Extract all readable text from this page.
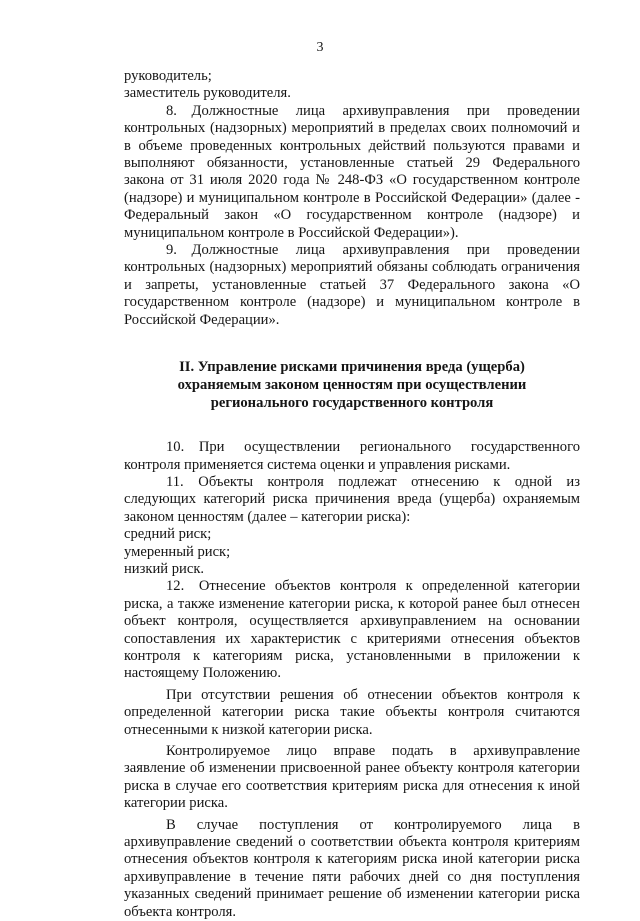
3

руководитель;

заместитель руководителя.

8. Должностные лица архивуправления при проведении контрольных (надзорных) мероприятий в пределах своих полномочий и в объеме проведенных контрольных действий пользуются правами и выполняют обязанности, установленные статьей 29 Федерального закона от 31 июля 2020 года № 248-ФЗ «О государственном контроле (надзоре) и муниципальном контроле в Российской Федерации» (далее - Федеральный закон «О государственном контроле (надзоре) и муниципальном контроле в Российской Федерации»).

9. Должностные лица архивуправления при проведении контрольных (надзорных) мероприятий обязаны соблюдать ограничения и запреты, установленные статьей 37 Федерального закона «О государственном контроле (надзоре) и муниципальном контроле в Российской Федерации».

II. Управление рисками причинения вреда (ущерба) охраняемым законом ценностям при осуществлении регионального государственного контроля

10. При осуществлении регионального государственного контроля применяется система оценки и управления рисками.

11. Объекты контроля подлежат отнесению к одной из следующих категорий риска причинения вреда (ущерба) охраняемым законом ценностям (далее – категории риска):

средний риск;

умеренный риск;

низкий риск.

12. Отнесение объектов контроля к определенной категории риска, а также изменение категории риска, к которой ранее был отнесен объект контроля, осуществляется архивуправлением на основании сопоставления их характеристик с критериями отнесения объектов контроля к категориям риска, установленными в приложении к настоящему Положению.

При отсутствии решения об отнесении объектов контроля к определенной категории риска такие объекты контроля считаются отнесенными к низкой категории риска.

Контролируемое лицо вправе подать в архивуправление заявление об изменении присвоенной ранее объекту контроля категории риска в случае его соответствия критериям риска для отнесения к иной категории риска.

В случае поступления от контролируемого лица в архивуправление сведений о соответствии объекта контроля критериям отнесения объектов контроля к категориям риска иной категории риска архивуправление в течение пяти рабочих дней со дня поступления указанных сведений принимает решение об изменении категории риска объекта контроля.
